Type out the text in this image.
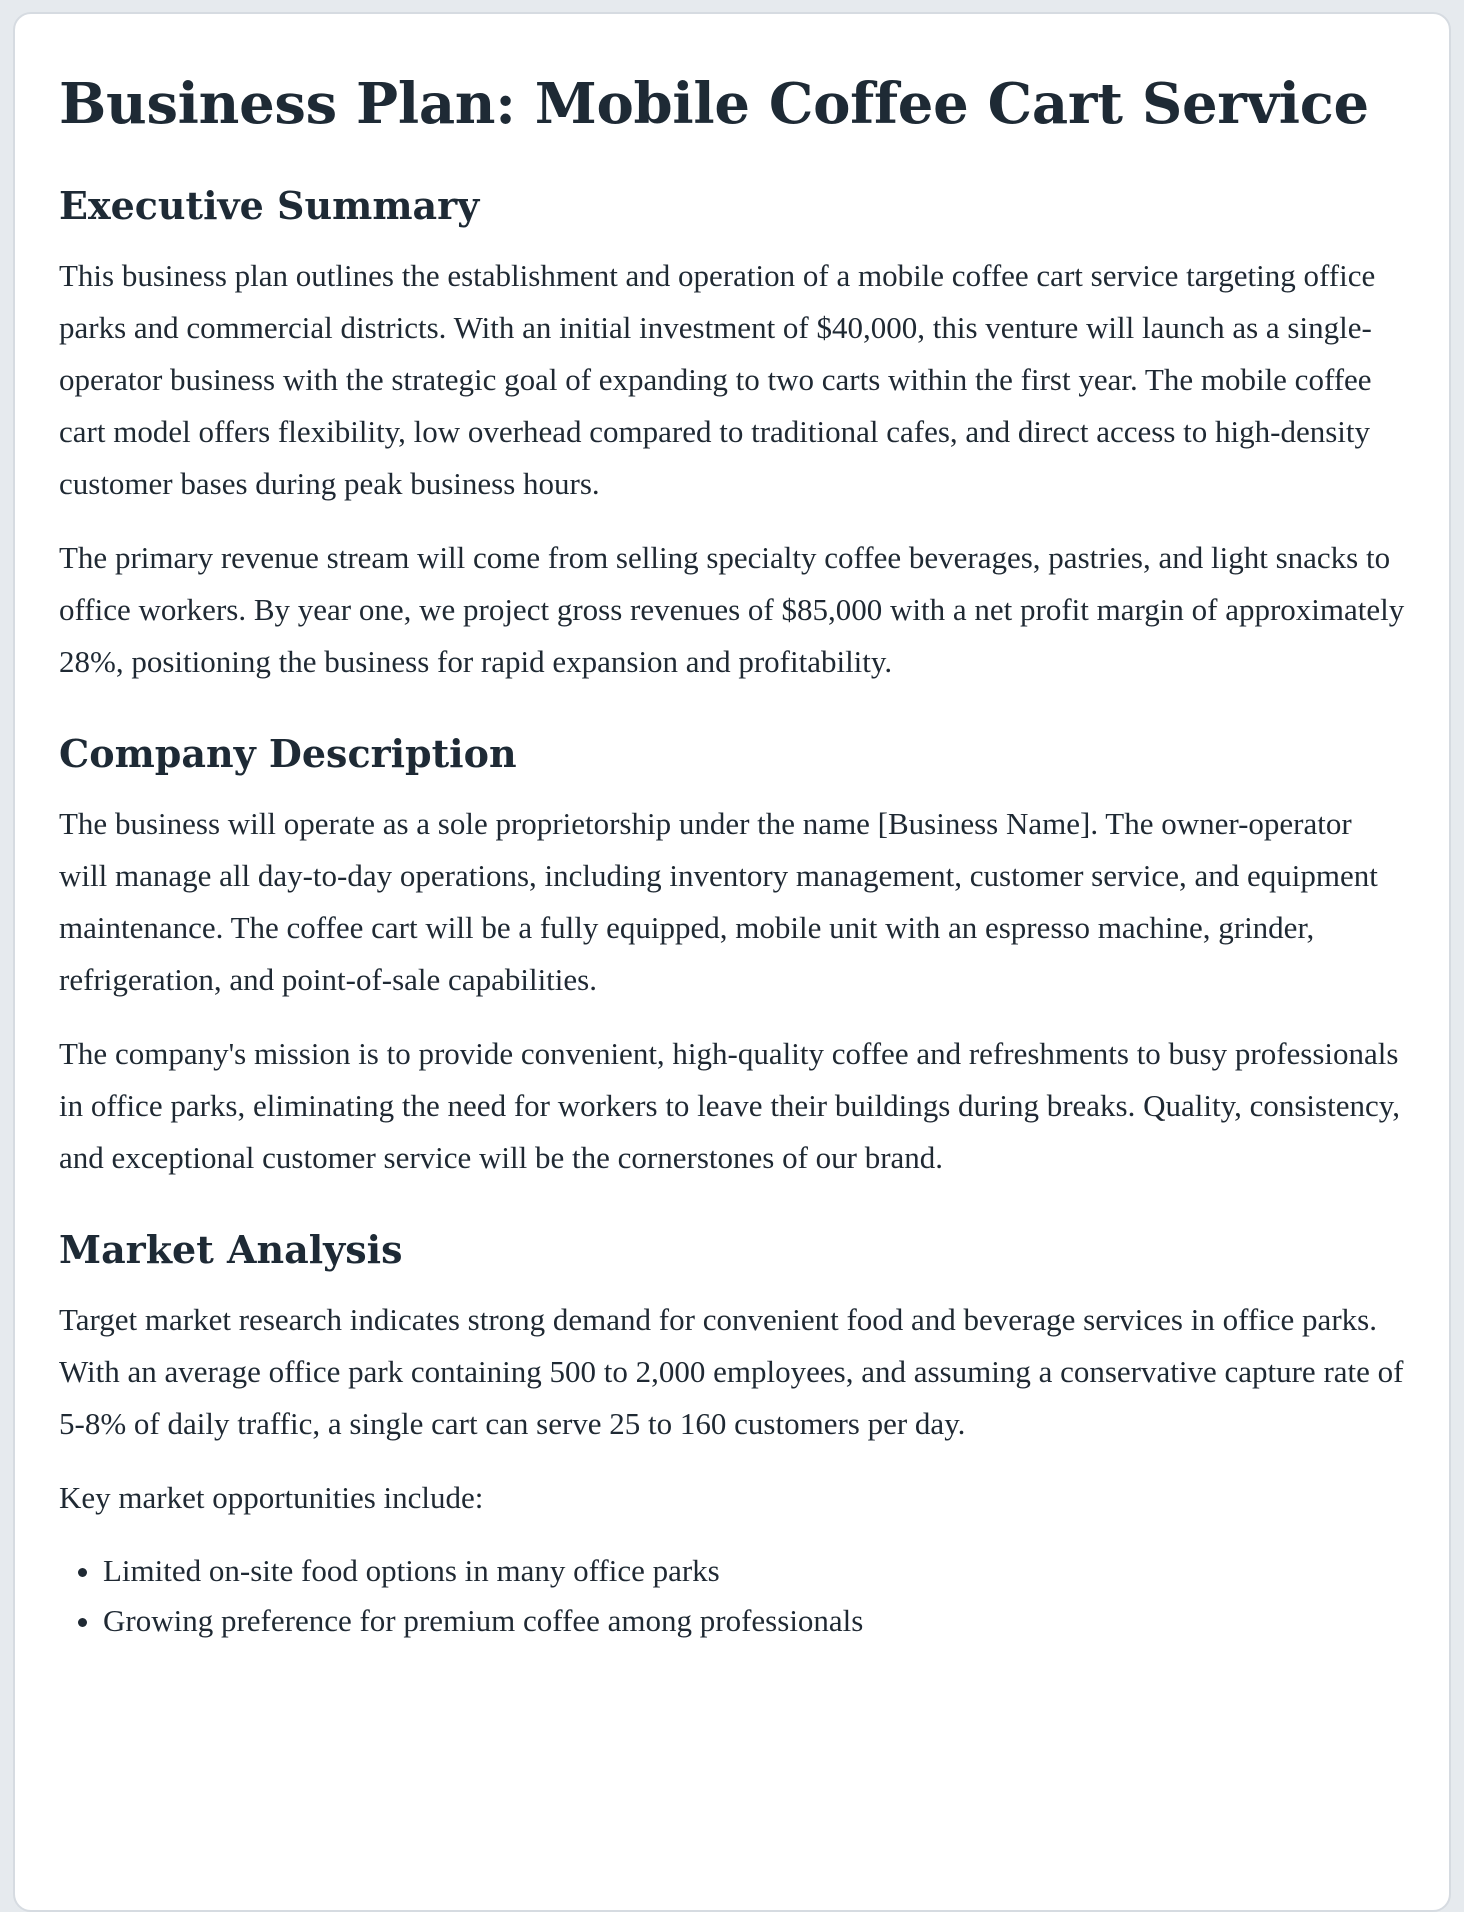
Business Plan: Mobile Coffee Cart Service
Executive Summary

This business plan outlines the establishment and operation of a mobile coffee cart service targeting office parks and commercial districts. With an initial investment of $40,000, this venture will launch as a single-operator business with the strategic goal of expanding to two carts within the first year. The mobile coffee cart model offers flexibility, low overhead compared to traditional cafes, and direct access to high-density customer bases during peak business hours.

The primary revenue stream will come from selling specialty coffee beverages, pastries, and light snacks to office workers. By year one, we project gross revenues of $85,000 with a net profit margin of approximately 28%, positioning the business for rapid expansion and profitability.

Company Description

The business will operate as a sole proprietorship under the name [Business Name]. The owner-operator will manage all day-to-day operations, including inventory management, customer service, and equipment maintenance. The coffee cart will be a fully equipped, mobile unit with an espresso machine, grinder, refrigeration, and point-of-sale capabilities.

The company's mission is to provide convenient, high-quality coffee and refreshments to busy professionals in office parks, eliminating the need for workers to leave their buildings during breaks. Quality, consistency, and exceptional customer service will be the cornerstones of our brand.

Market Analysis

Target market research indicates strong demand for convenient food and beverage services in office parks. With an average office park containing 500 to 2,000 employees, and assuming a conservative capture rate of 5-8% of daily traffic, a single cart can serve 25 to 160 customers per day.

Key market opportunities include:

• Limited on-site food options in many office parks
• Growing preference for premium coffee among professionals
